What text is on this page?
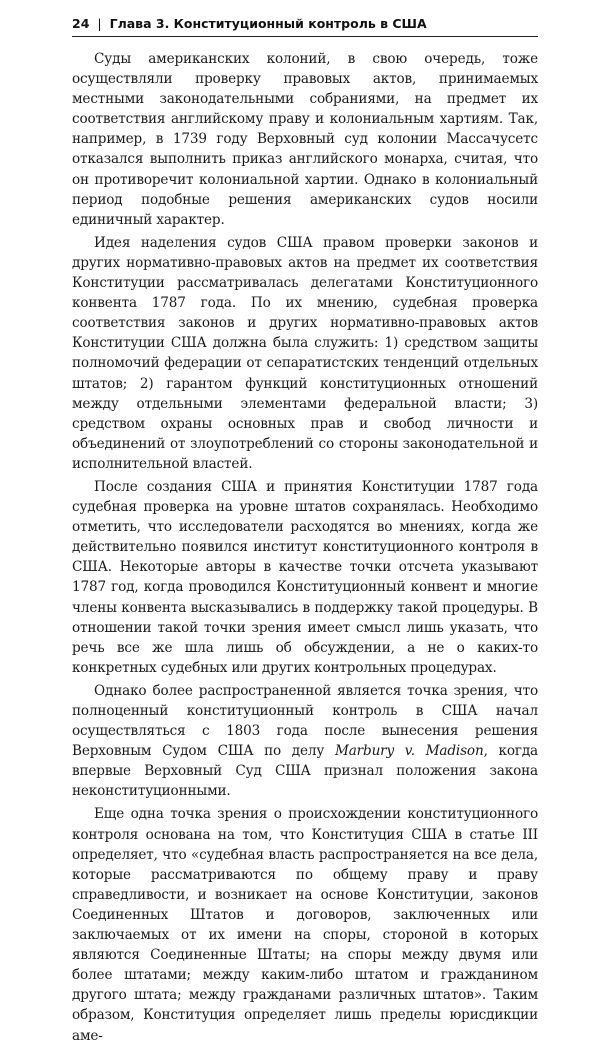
24 | Глава 3. Конституционный контроль в США

Суды американских колоний, в свою очередь, тоже осуществляли проверку правовых актов, принимаемых местными законодательными собраниями, на предмет их соответствия английскому праву и колониальным хартиям. Так, например, в 1739 году Верховный суд колонии Массачусетс отказался выполнить приказ английского монарха, считая, что он противоречит колониальной хартии. Однако в колониальный период подобные решения американских судов носили единичный характер.

Идея наделения судов США правом проверки законов и других нормативно-правовых актов на предмет их соответствия Конституции рассматривалась делегатами Конституционного конвента 1787 года. По их мнению, судебная проверка соответствия законов и других нормативно-правовых актов Конституции США должна была служить: 1) средством защиты полномочий федерации от сепаратистских тенденций отдельных штатов; 2) гарантом функций конституционных отношений между отдельными элементами федеральной власти; 3) средством охраны основных прав и свобод личности и объединений от злоупотреблений со стороны законодательной и исполнительной властей.

После создания США и принятия Конституции 1787 года судебная проверка на уровне штатов сохранялась. Необходимо отметить, что исследователи расходятся во мнениях, когда же действительно появился институт конституционного контроля в США. Некоторые авторы в качестве точки отсчета указывают 1787 год, когда проводился Конституционный конвент и многие члены конвента высказывались в поддержку такой процедуры. В отношении такой точки зрения имеет смысл лишь указать, что речь все же шла лишь об обсуждении, а не о каких-то конкретных судебных или других контрольных процедурах.

Однако более распространенной является точка зрения, что полноценный конституционный контроль в США начал осуществляться с 1803 года после вынесения решения Верховным Судом США по делу Marbury v. Madison, когда впервые Верховный Суд США признал положения закона неконституционными.

Еще одна точка зрения о происхождении конституционного контроля основана на том, что Конституция США в статье III определяет, что «судебная власть распространяется на все дела, которые рассматриваются по общему праву и праву справедливости, и возникает на основе Конституции, законов Соединенных Штатов и договоров, заключенных или заключаемых от их имени на споры, стороной в которых являются Соединенные Штаты; на споры между двумя или более штатами; между каким-либо штатом и гражданином другого штата; между гражданами различных штатов». Таким образом, Конституция определяет лишь пределы юрисдикции аме-
